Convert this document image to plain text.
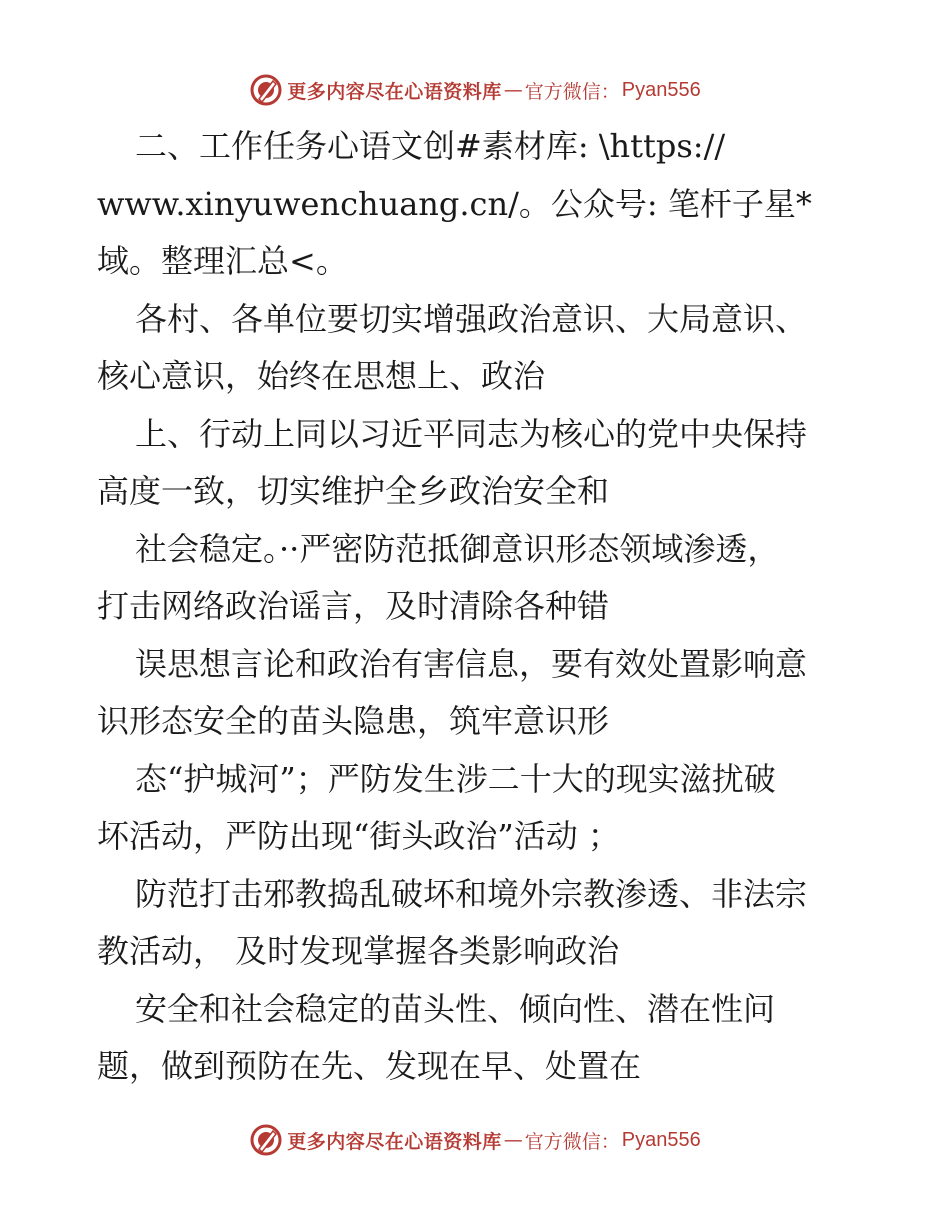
更多内容尽在心语资料库 — 官方微信： Pyan556
二、工作任务心语文创#素材库: \https://
www.xinyuwenchuang.cn/。公众号: 笔杆子星*
域。整理汇总<。
各村、各单位要切实增强政治意识、大局意识、
核心意识，始终在思想上、政治
上、行动上同以习近平同志为核心的党中央保持
高度一致，切实维护全乡政治安全和
社会稳定。··严密防范抵御意识形态领域渗透，
打击网络政治谣言，及时清除各种错
误思想言论和政治有害信息，要有效处置影响意
识形态安全的苗头隐患，筑牢意识形
态“护城河”；严防发生涉二十大的现实滋扰破
坏活动，严防出现“街头政治”活动 ；
防范打击邪教捣乱破坏和境外宗教渗透、非法宗
教活动， 及时发现掌握各类影响政治
安全和社会稳定的苗头性、倾向性、潜在性问
题，做到预防在先、发现在早、处置在
更多内容尽在心语资料库 — 官方微信： Pyan556
